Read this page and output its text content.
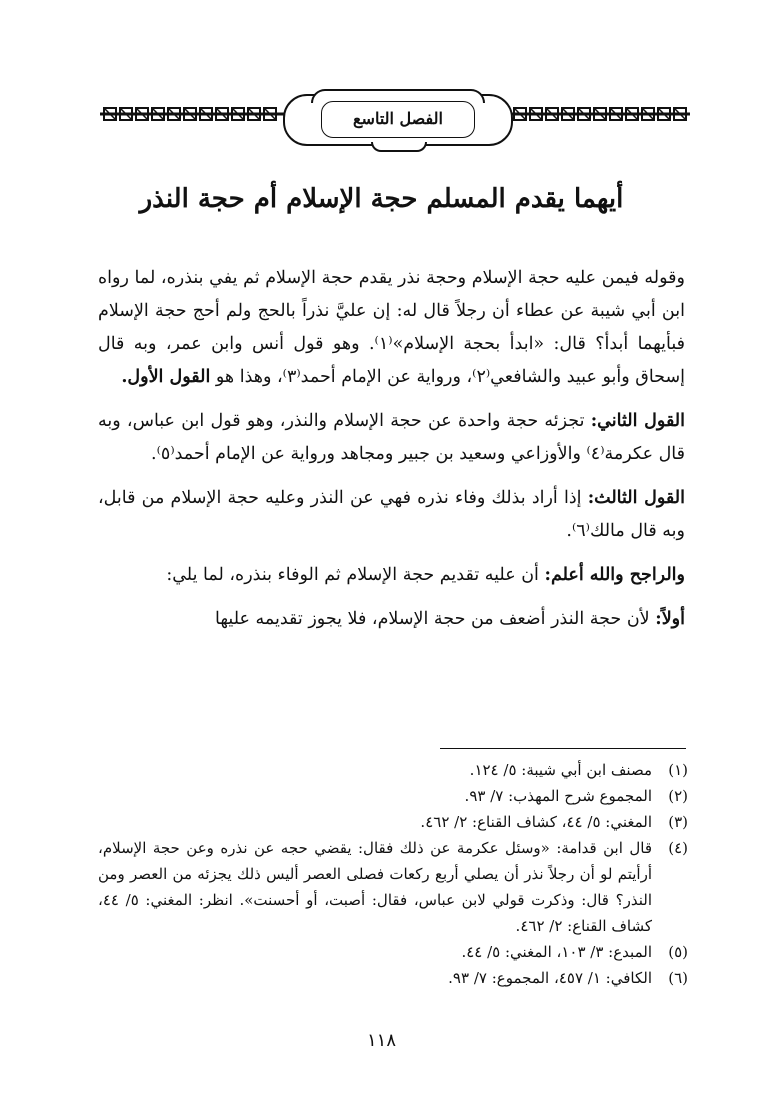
الفصل التاسع
أيهما يقدم المسلم حجة الإسلام أم حجة النذر

وقوله فيمن عليه حجة الإسلام وحجة نذر يقدم حجة الإسلام ثم يفي بنذره، لما رواه ابن أبي شيبة عن عطاء أن رجلاً قال له: إن عليَّ نذراً بالحج ولم أحج حجة الإسلام فبأيهما أبدأ؟ قال: «ابدأ بحجة الإسلام»⁽١⁾. وهو قول أنس وابن عمر، وبه قال إسحاق وأبو عبيد والشافعي⁽٢⁾، ورواية عن الإمام أحمد⁽٣⁾، وهذا هو القول الأول.

القول الثاني: تجزئه حجة واحدة عن حجة الإسلام والنذر، وهو قول ابن عباس، وبه قال عكرمة⁽٤⁾ والأوزاعي وسعيد بن جبير ومجاهد ورواية عن الإمام أحمد⁽٥⁾.

القول الثالث: إذا أراد بذلك وفاء نذره فهي عن النذر وعليه حجة الإسلام من قابل، وبه قال مالك⁽٦⁾.

والراجح والله أعلم: أن عليه تقديم حجة الإسلام ثم الوفاء بنذره، لما يلي:

أولاً: لأن حجة النذر أضعف من حجة الإسلام، فلا يجوز تقديمه عليها

(١)
مصنف ابن أبي شيبة: ٥/ ١٢٤.
(٢)
المجموع شرح المهذب: ٧/ ٩٣.
(٣)
المغني: ٥/ ٤٤، كشاف القناع: ٢/ ٤٦٢.
(٤)
قال ابن قدامة: «وسئل عكرمة عن ذلك فقال: يقضي حجه عن نذره وعن حجة الإسلام، أرأيتم لو أن رجلاً نذر أن يصلي أربع ركعات فصلى العصر أليس ذلك يجزئه من العصر ومن النذر؟ قال: وذكرت قولي لابن عباس، فقال: أصبت، أو أحسنت». انظر: المغني: ٥/ ٤٤، كشاف القناع: ٢/ ٤٦٢.
(٥)
المبدع: ٣/ ١٠٣، المغني: ٥/ ٤٤.
(٦)
الكافي: ١/ ٤٥٧، المجموع: ٧/ ٩٣.
١١٨
